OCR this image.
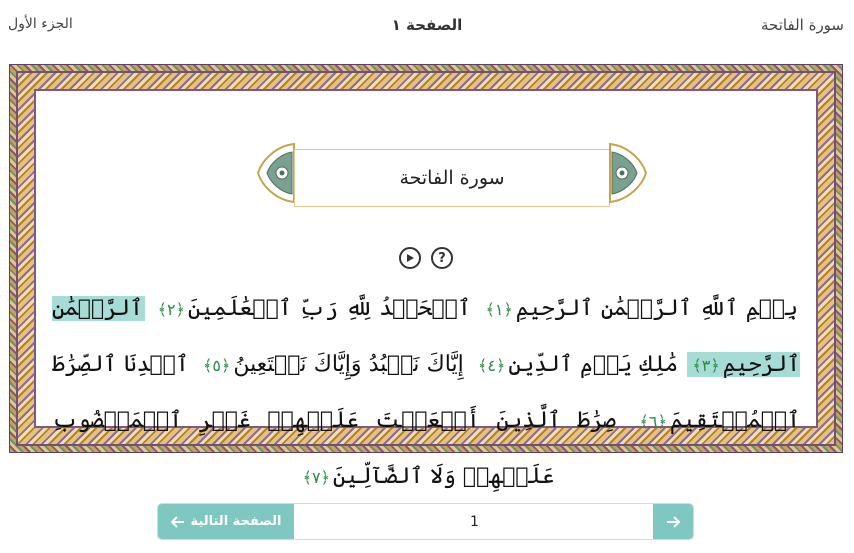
الجزء الأول	الصفحة ١	سورة الفاتحة
سورة الفاتحة
?
بِسۡمِ ٱللَّهِ ٱلرَّحۡمَٰنِ ٱلرَّحِيمِ﴿١﴾ ٱلۡحَمۡدُ لِلَّهِ رَبِّ ٱلۡعَٰلَمِينَ﴿٢﴾ ٱلرَّحۡمَٰنِ ٱلرَّحِيمِ﴿٣﴾ مَٰلِكِ يَوۡمِ ٱلدِّينِ﴿٤﴾ إِيَّاكَ نَعۡبُدُ وَإِيَّاكَ نَسۡتَعِينُ﴿٥﴾ ٱهۡدِنَا ٱلصِّرَٰطَ ٱلۡمُسۡتَقِيمَ﴿٦﴾ صِرَٰطَ ٱلَّذِينَ أَنۡعَمۡتَ عَلَيۡهِمۡ غَيۡرِ ٱلۡمَغۡضُوبِ عَلَيۡهِمۡ وَلَا ٱلضَّآلِّينَ﴿٧﴾
الصفحة التالية
1
